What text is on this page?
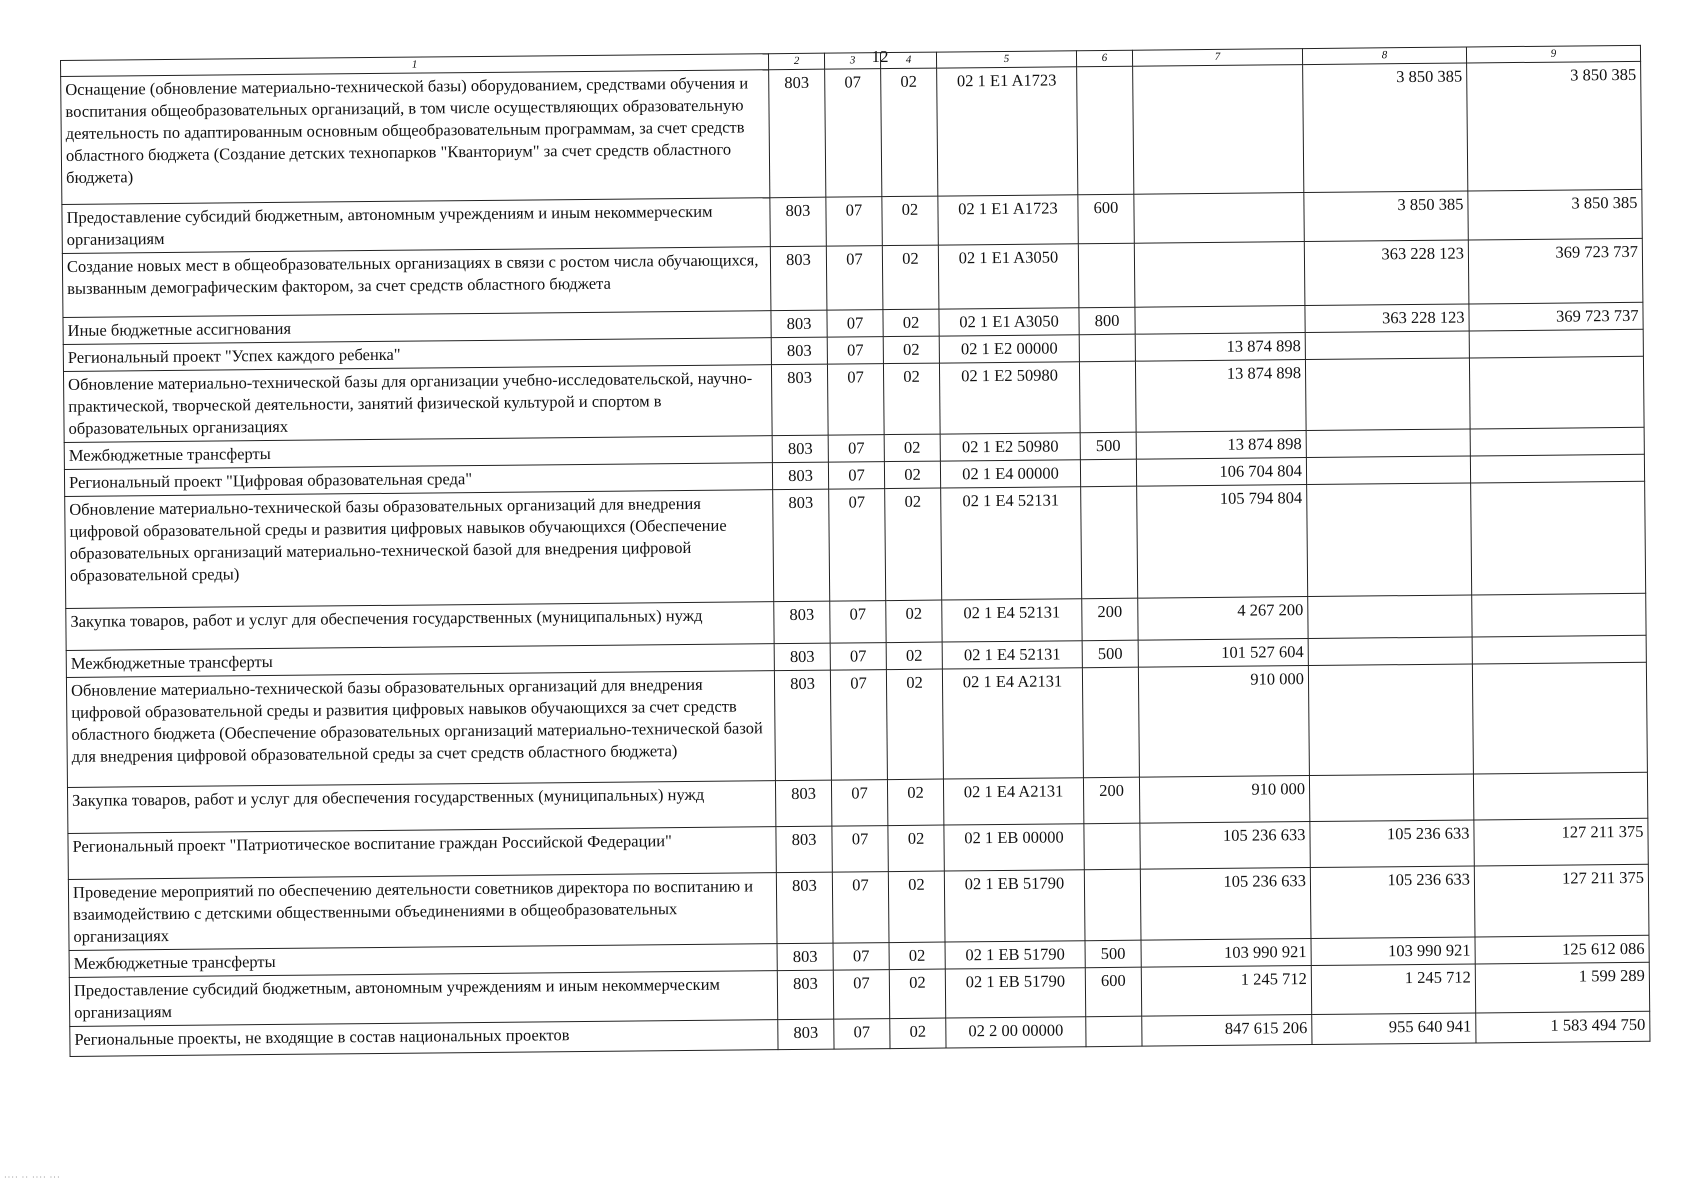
12
1	2	3	4	5	6	7	8	9
Оснащение (обновление материально-технической базы) оборудованием, средствами обучения и воспитания общеобразовательных организаций, в том числе осуществляющих образовательную деятельность по адаптированным основным общеобразовательным программам, за счет средств областного бюджета (Создание детских технопарков "Кванториум" за счет средств областного бюджета)	803	07	02	02 1 E1 A1723			3 850 385	3 850 385
Предоставление субсидий бюджетным, автономным учреждениям и иным некоммерческим организациям	803	07	02	02 1 E1 A1723	600		3 850 385	3 850 385
Создание новых мест в общеобразовательных организациях в связи с ростом числа обучающихся, вызванным демографическим фактором, за счет средств областного бюджета	803	07	02	02 1 E1 A3050			363 228 123	369 723 737
Иные бюджетные ассигнования	803	07	02	02 1 E1 A3050	800		363 228 123	369 723 737
Региональный проект "Успех каждого ребенка"	803	07	02	02 1 E2 00000		13 874 898		
Обновление материально-технической базы для организации учебно-исследовательской, научно-практической, творческой деятельности, занятий физической культурой и спортом в образовательных организациях	803	07	02	02 1 E2 50980		13 874 898		
Межбюджетные трансферты	803	07	02	02 1 E2 50980	500	13 874 898		
Региональный проект "Цифровая образовательная среда"	803	07	02	02 1 E4 00000		106 704 804		
Обновление материально-технической базы образовательных организаций для внедрения цифровой образовательной среды и развития цифровых навыков обучающихся (Обеспечение образовательных организаций материально-технической базой для внедрения цифровой образовательной среды)	803	07	02	02 1 E4 52131		105 794 804		
Закупка товаров, работ и услуг для обеспечения государственных (муниципальных) нужд	803	07	02	02 1 E4 52131	200	4 267 200		
Межбюджетные трансферты	803	07	02	02 1 E4 52131	500	101 527 604		
Обновление материально-технической базы образовательных организаций для внедрения цифровой образовательной среды и развития цифровых навыков обучающихся за счет средств областного бюджета (Обеспечение образовательных организаций материально-технической базой для внедрения цифровой образовательной среды за счет средств областного бюджета)	803	07	02	02 1 E4 A2131		910 000		
Закупка товаров, работ и услуг для обеспечения государственных (муниципальных) нужд	803	07	02	02 1 E4 A2131	200	910 000		
Региональный проект "Патриотическое воспитание граждан Российской Федерации"	803	07	02	02 1 EB 00000		105 236 633	105 236 633	127 211 375
Проведение мероприятий по обеспечению деятельности советников директора по воспитанию и взаимодействию с детскими общественными объединениями в общеобразовательных организациях	803	07	02	02 1 EB 51790		105 236 633	105 236 633	127 211 375
Межбюджетные трансферты	803	07	02	02 1 EB 51790	500	103 990 921	103 990 921	125 612 086
Предоставление субсидий бюджетным, автономным учреждениям и иным некоммерческим организациям	803	07	02	02 1 EB 51790	600	1 245 712	1 245 712	1 599 289
Региональные проекты, не входящие в состав национальных проектов	803	07	02	02 2 00 00000		847 615 206	955 640 941	1 583 494 750
···· ·· ···· ···
